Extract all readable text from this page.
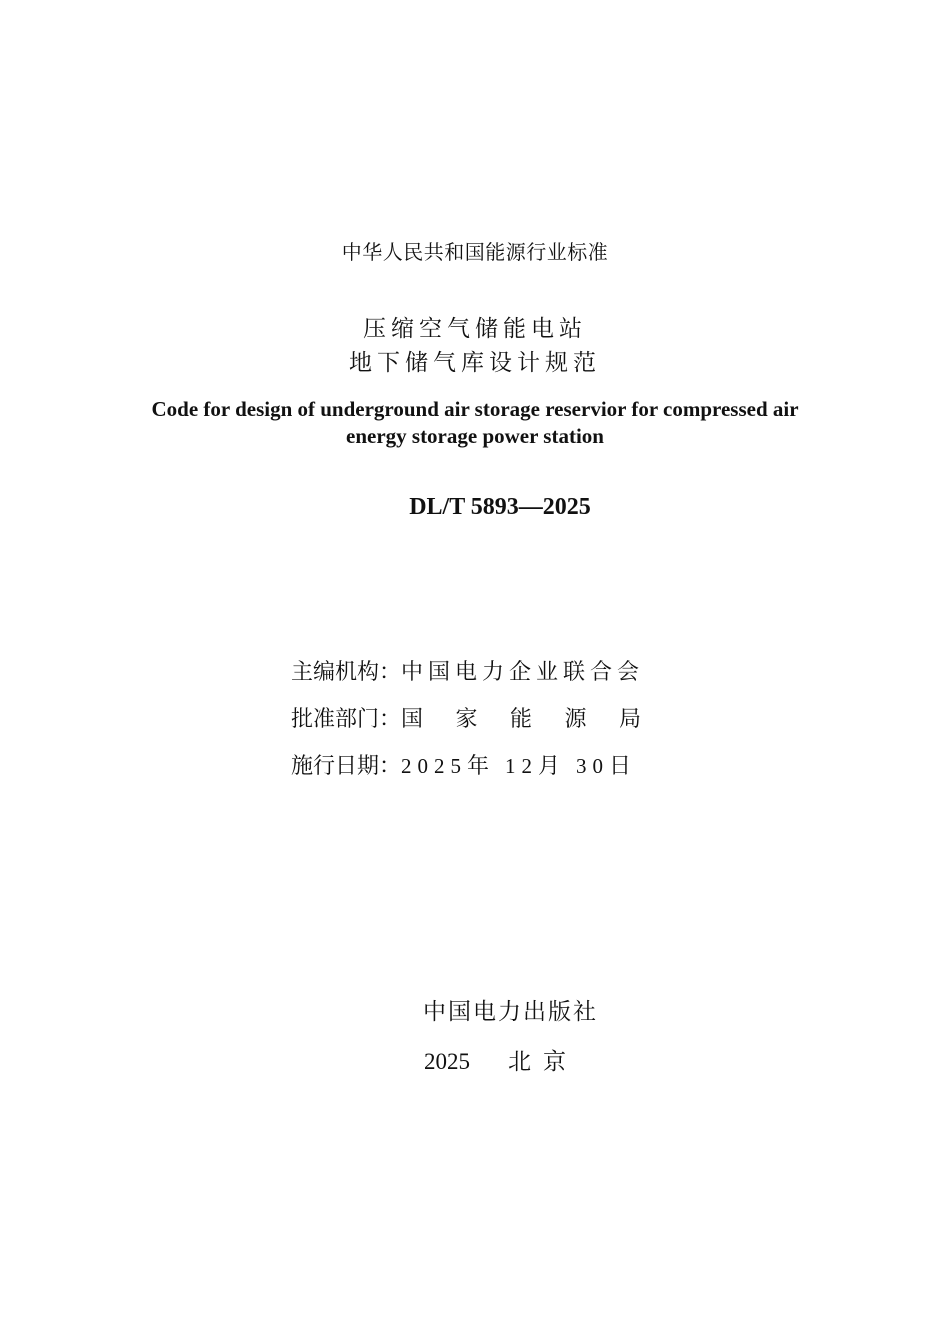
中华人民共和国能源行业标准
压缩空气储能电站
地下储气库设计规范
Code for design of underground air storage reservior for compressed air
energy storage power station
DL/T 5893—2025
主编机构： 中国电力企业联合会
批准部门： 国 家 能 源 局
施行日期： 2025 年 12 月 30 日
中国电力出版社
2025 北京
